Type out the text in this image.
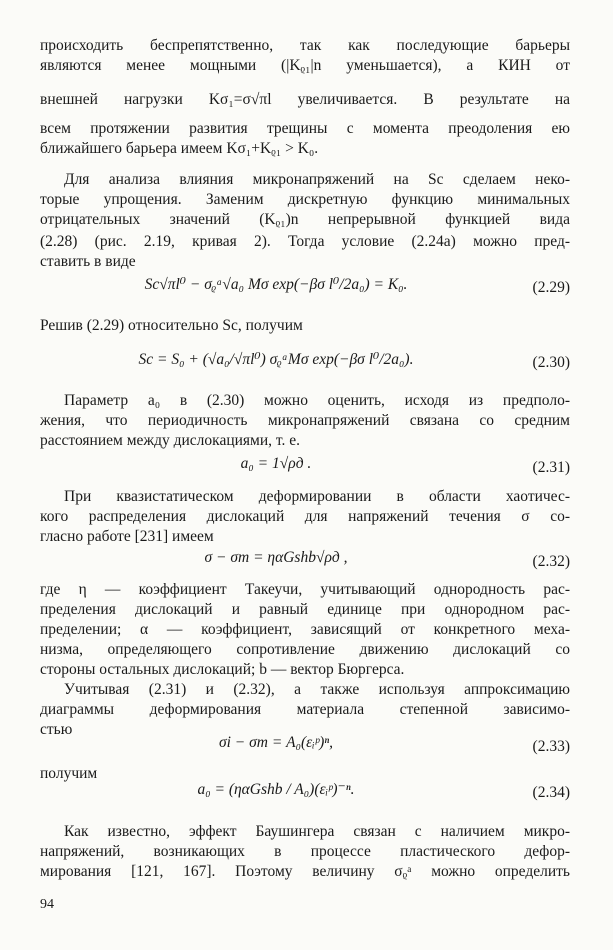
происходить беспрепятственно, так как последующие барьеры
являются менее мощными (|Kᵨ₁|n уменьшается), а КИН от
внешней нагрузки Kσ₁=σ√πl увеличивается. В результате на
всем протяжении развития трещины с момента преодоления ею
ближайшего барьера имеем Kσ₁+Kᵨ₁ > K₀.
Для анализа влияния микронапряжений на Sc сделаем неко-
торые упрощения. Заменим дискретную функцию минимальных
отрицательных значений (Kᵨ₁)n непрерывной функцией вида
(2.28) (рис. 2.19, кривая 2). Тогда условие (2.24а) можно пред-
ставить в виде
Sc√πl⁰ − σᵨᵃ√a₀ Mσ exp(−βσ l⁰/2a₀) = K₀.	(2.29)
Решив (2.29) относительно Sc, получим
Sc = S₀ + (√a₀/√πl⁰) σᵨᵃMσ exp(−βσ l⁰/2a₀).	(2.30)
Параметр a₀ в (2.30) можно оценить, исходя из предполо-
жения, что периодичность микронапряжений связана со средним
расстоянием между дислокациями, т. е.
a₀ = 1√ρд .	(2.31)
При квазистатическом деформировании в области хаотичес-
кого распределения дислокаций для напряжений течения σ со-
гласно работе [231] имеем
σ − σт = ηαGshb√ρд ,	(2.32)
где η — коэффициент Такеучи, учитывающий однородность рас-
пределения дислокаций и равный единице при однородном рас-
пределении; α — коэффициент, зависящий от конкретного меха-
низма, определяющего сопротивление движению дислокаций со
стороны остальных дислокаций; b — вектор Бюргерса.
Учитывая (2.31) и (2.32), а также используя аппроксимацию
диаграммы деформирования материала степенной зависимо-
стью
σi − σт = A₀(εᵢᵖ)ⁿ,	(2.33)
получим
a₀ = (ηαGshb / A₀)(εᵢᵖ)⁻ⁿ.	(2.34)
Как известно, эффект Баушингера связан с наличием микро-
напряжений, возникающих в процессе пластического дефор-
мирования [121, 167]. Поэтому величину σᵨᵃ можно определить
94
